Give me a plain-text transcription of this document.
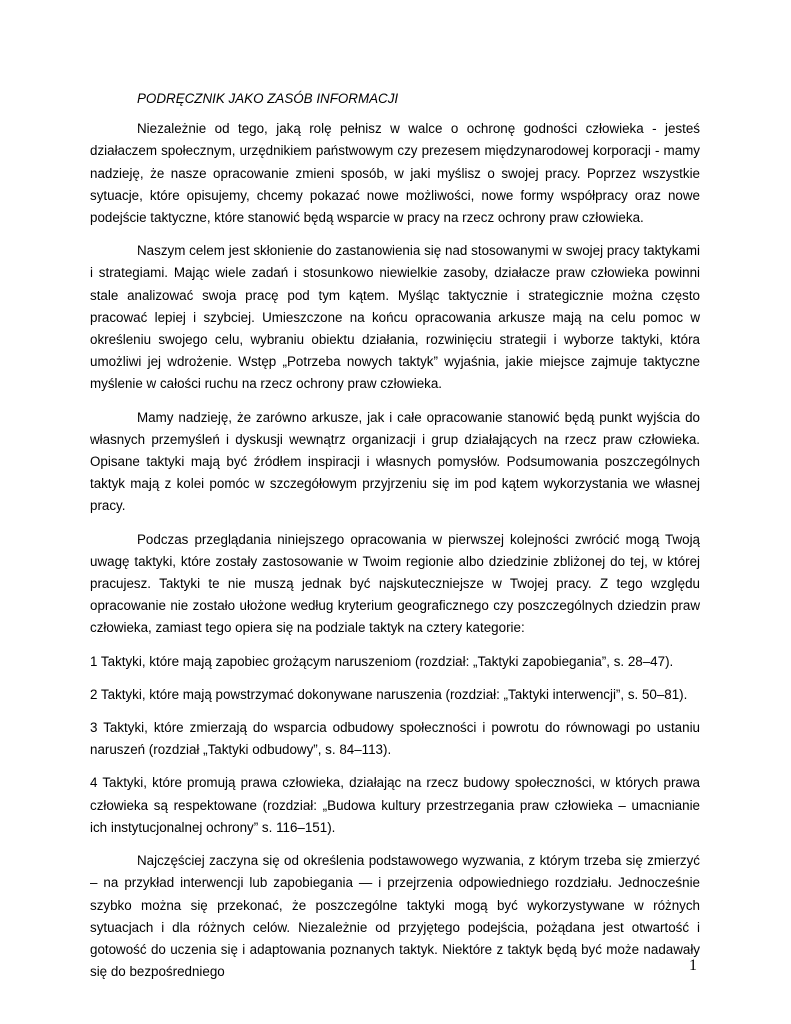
PODRĘCZNIK JAKO ZASÓB INFORMACJI

Niezależnie od tego, jaką rolę pełnisz w walce o ochronę godności człowieka - jesteś działaczem społecznym, urzędnikiem państwowym czy prezesem międzynarodowej korporacji - mamy nadzieję, że nasze opracowanie zmieni sposób, w jaki myślisz o swojej pracy. Poprzez wszystkie sytuacje, które opisujemy, chcemy pokazać nowe możliwości, nowe formy współpracy oraz nowe podejście taktyczne, które stanowić będą wsparcie w pracy na rzecz ochrony praw człowieka.

Naszym celem jest skłonienie do zastanowienia się nad stosowanymi w swojej pracy taktykami i strategiami. Mając wiele zadań i stosunkowo niewielkie zasoby, działacze praw człowieka powinni stale analizować swoja pracę pod tym kątem. Myśląc taktycznie i strategicznie można często pracować lepiej i szybciej. Umieszczone na końcu opracowania arkusze mają na celu pomoc w określeniu swojego celu, wybraniu obiektu działania, rozwinięciu strategii i wyborze taktyki, która umożliwi jej wdrożenie. Wstęp „Potrzeba nowych taktyk” wyjaśnia, jakie miejsce zajmuje taktyczne myślenie w całości ruchu na rzecz ochrony praw człowieka.

Mamy nadzieję, że zarówno arkusze, jak i całe opracowanie stanowić będą punkt wyjścia do własnych przemyśleń i dyskusji wewnątrz organizacji i grup działających na rzecz praw człowieka. Opisane taktyki mają być źródłem inspiracji i własnych pomysłów. Podsumowania poszczególnych taktyk mają z kolei pomóc w szczegółowym przyjrzeniu się im pod kątem wykorzystania we własnej pracy.

Podczas przeglądania niniejszego opracowania w pierwszej kolejności zwrócić mogą Twoją uwagę taktyki, które zostały zastosowanie w Twoim regionie albo dziedzinie zbliżonej do tej, w której pracujesz. Taktyki te nie muszą jednak być najskuteczniejsze w Twojej pracy. Z tego względu opracowanie nie zostało ułożone według kryterium geograficznego czy poszczególnych dziedzin praw człowieka, zamiast tego opiera się na podziale taktyk na cztery kategorie:

1 Taktyki, które mają zapobiec grożącym naruszeniom (rozdział: „Taktyki zapobiegania”, s. 28–47).

2 Taktyki, które mają powstrzymać dokonywane naruszenia (rozdział: „Taktyki interwencji”, s. 50–81).

3 Taktyki, które zmierzają do wsparcia odbudowy społeczności i powrotu do równowagi po ustaniu naruszeń (rozdział „Taktyki odbudowy”, s. 84–113).

4 Taktyki, które promują prawa człowieka, działając na rzecz budowy społeczności, w których prawa człowieka są respektowane (rozdział: „Budowa kultury przestrzegania praw człowieka – umacnianie ich instytucjonalnej ochrony” s. 116–151).

Najczęściej zaczyna się od określenia podstawowego wyzwania, z którym trzeba się zmierzyć – na przykład interwencji lub zapobiegania — i przejrzenia odpowiedniego rozdziału. Jednocześnie szybko można się przekonać, że poszczególne taktyki mogą być wykorzystywane w różnych sytuacjach i dla różnych celów. Niezależnie od przyjętego podejścia, pożądana jest otwartość i gotowość do uczenia się i adaptowania poznanych taktyk. Niektóre z taktyk będą być może nadawały się do bezpośredniego	1
